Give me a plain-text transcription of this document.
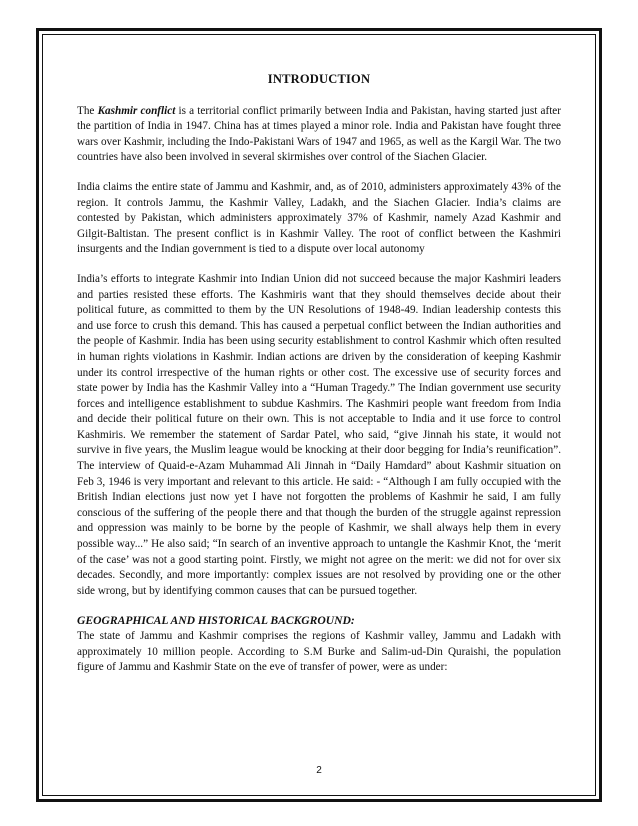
INTRODUCTION

The Kashmir conflict is a territorial conflict primarily between India and Pakistan, having started just after the partition of India in 1947. China has at times played a minor role. India and Pakistan have fought three wars over Kashmir, including the Indo-Pakistani Wars of 1947 and 1965, as well as the Kargil War. The two countries have also been involved in several skirmishes over control of the Siachen Glacier.

India claims the entire state of Jammu and Kashmir, and, as of 2010, administers approximately 43% of the region. It controls Jammu, the Kashmir Valley, Ladakh, and the Siachen Glacier. India’s claims are contested by Pakistan, which administers approximately 37% of Kashmir, namely Azad Kashmir and Gilgit-Baltistan. The present conflict is in Kashmir Valley. The root of conflict between the Kashmiri insurgents and the Indian government is tied to a dispute over local autonomy

India’s efforts to integrate Kashmir into Indian Union did not succeed because the major Kashmiri leaders and parties resisted these efforts. The Kashmiris want that they should themselves decide about their political future, as committed to them by the UN Resolutions of 1948-49. Indian leadership contests this and use force to crush this demand. This has caused a perpetual conflict between the Indian authorities and the people of Kashmir. India has been using security establishment to control Kashmir which often resulted in human rights violations in Kashmir. Indian actions are driven by the consideration of keeping Kashmir under its control irrespective of the human rights or other cost. The excessive use of security forces and state power by India has the Kashmir Valley into a “Human Tragedy.” The Indian government use security forces and intelligence establishment to subdue Kashmirs. The Kashmiri people want freedom from India and decide their political future on their own. This is not acceptable to India and it use force to control Kashmiris. We remember the statement of Sardar Patel, who said, “give Jinnah his state, it would not survive in five years, the Muslim league would be knocking at their door begging for India’s reunification”. The interview of Quaid-e-Azam Muhammad Ali Jinnah in “Daily Hamdard” about Kashmir situation on Feb 3, 1946 is very important and relevant to this article. He said: - “Although I am fully occupied with the British Indian elections just now yet I have not forgotten the problems of Kashmir he said, I am fully conscious of the suffering of the people there and that though the burden of the struggle against repression and oppression was mainly to be borne by the people of Kashmir, we shall always help them in every possible way...” He also said; “In search of an inventive approach to untangle the Kashmir Knot, the ‘merit of the case’ was not a good starting point. Firstly, we might not agree on the merit: we did not for over six decades. Secondly, and more importantly: complex issues are not resolved by providing one or the other side wrong, but by identifying common causes that can be pursued together.

GEOGRAPHICAL AND HISTORICAL BACKGROUND:

The state of Jammu and Kashmir comprises the regions of Kashmir valley, Jammu and Ladakh with approximately 10 million people. According to S.M Burke and Salim-ud-Din Quraishi, the population figure of Jammu and Kashmir State on the eve of transfer of power, were as under:

2
